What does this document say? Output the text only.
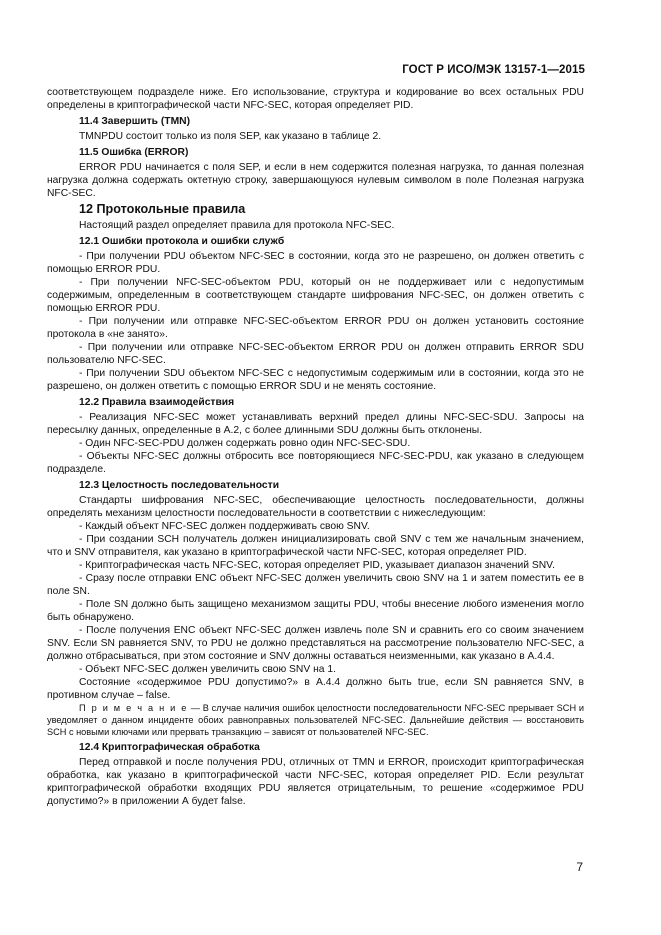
ГОСТ Р ИСО/МЭК 13157-1—2015

соответствующем подразделе ниже. Его использование, структура и кодирование во всех остальных PDU определены в криптографической части NFC-SEC, которая определяет PID.

11.4 Завершить (TMN)

TMNPDU состоит только из поля SEP, как указано в таблице 2.

11.5 Ошибка (ERROR)

ERROR PDU начинается с поля SEP, и если в нем содержится полезная нагрузка, то данная полезная нагрузка должна содержать октетную строку, завершающуюся нулевым символом в поле Полезная нагрузка NFC-SEC.

12 Протокольные правила

Настоящий раздел определяет правила для протокола NFC-SEC.

12.1 Ошибки протокола и ошибки служб

- При получении PDU объектом NFC-SEC в состоянии, когда это не разрешено, он должен ответить с помощью ERROR PDU.

- При получении NFC-SEC-объектом PDU, который он не поддерживает или с недопустимым содержимым, определенным в соответствующем стандарте шифрования NFC-SEC, он должен ответить с помощью ERROR PDU.

- При получении или отправке NFC-SEC-объектом ERROR PDU он должен установить состояние протокола в «не занято».

- При получении или отправке NFC-SEC-объектом ERROR PDU он должен отправить ERROR SDU пользователю NFC-SEC.

- При получении SDU объектом NFC-SEC с недопустимым содержимым или в состоянии, когда это не разрешено, он должен ответить с помощью ERROR SDU и не менять состояние.

12.2 Правила взаимодействия

- Реализация NFC-SEC может устанавливать верхний предел длины NFC-SEC-SDU. Запросы на пересылку данных, определенные в А.2, с более длинными SDU должны быть отклонены.

- Один NFC-SEC-PDU должен содержать ровно один NFC-SEC-SDU.

- Объекты NFC-SEC должны отбросить все повторяющиеся NFC-SEC-PDU, как указано в следующем подразделе.

12.3 Целостность последовательности

Стандарты шифрования NFC-SEC, обеспечивающие целостность последовательности, должны определять механизм целостности последовательности в соответствии с нижеследующим:

- Каждый объект NFC-SEC должен поддерживать свою SNV.

- При создании SCH получатель должен инициализировать свой SNV с тем же начальным значением, что и SNV отправителя, как указано в криптографической части NFC-SEC, которая определяет PID.

- Криптографическая часть NFC-SEC, которая определяет PID, указывает диапазон значений SNV.

- Сразу после отправки ENC объект NFC-SEC должен увеличить свою SNV на 1 и затем поместить ее в поле SN.

- Поле SN должно быть защищено механизмом защиты PDU, чтобы внесение любого изменения могло быть обнаружено.

- После получения ENC объект NFC-SEC должен извлечь поле SN и сравнить его со своим значением SNV. Если SN равняется SNV, то PDU не должно представляться на рассмотрение пользователю NFC-SEC, а должно отбрасываться, при этом состояние и SNV должны оставаться неизменными, как указано в А.4.4.

- Объект NFC-SEC должен увеличить свою SNV на 1.

Состояние «содержимое PDU допустимо?» в А.4.4 должно быть true, если SN равняется SNV, в противном случае – false.

П р и м е ч а н и е — В случае наличия ошибок целостности последовательности NFC-SEC прерывает SCH и уведомляет о данном инциденте обоих равноправных пользователей NFC-SEC. Дальнейшие действия — восстановить SCH с новыми ключами или прервать транзакцию – зависят от пользователей NFC-SEC.

12.4 Криптографическая обработка

Перед отправкой и после получения PDU, отличных от TMN и ERROR, происходит криптографическая обработка, как указано в криптографической части NFC-SEC, которая определяет PID. Если результат криптографической обработки входящих PDU является отрицательным, то решение «содержимое PDU допустимо?» в приложении А будет false.

7
